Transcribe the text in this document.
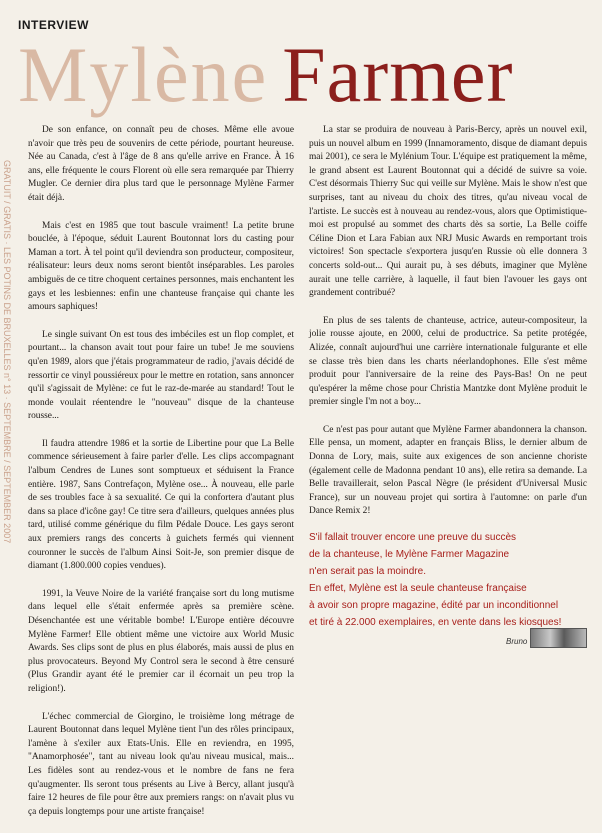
INTERVIEW
Mylène Farmer
GRATUIT / GRATIS · LES POTINS DE BRUXELLES n° 13 · SEPTEMBRE / SEPTEMBER 2007

De son enfance, on connaît peu de choses. Même elle avoue n'avoir que très peu de souvenirs de cette période, pourtant heureuse. Née au Canada, c'est à l'âge de 8 ans qu'elle arrive en France. À 16 ans, elle fréquente le cours Florent où elle sera remarquée par Thierry Mugler. Ce dernier dira plus tard que le personnage Mylène Farmer était déjà.

Mais c'est en 1985 que tout bascule vraiment! La petite brune bouclée, à l'époque, séduit Laurent Boutonnat lors du casting pour Maman a tort. À tel point qu'il deviendra son producteur, compositeur, réalisateur: leurs deux noms seront bientôt inséparables. Les paroles ambiguës de ce titre choquent certaines personnes, mais enchantent les gays et les lesbiennes: enfin une chanteuse française qui chante les amours saphiques!

Le single suivant On est tous des imbéciles est un flop complet, et pourtant... la chanson avait tout pour faire un tube! Je me souviens qu'en 1989, alors que j'étais programmateur de radio, j'avais décidé de ressortir ce vinyl poussiéreux pour le mettre en rotation, sans annoncer qu'il s'agissait de Mylène: ce fut le raz-de-marée au standard! Tout le monde voulait réentendre le "nouveau" disque de la chanteuse rousse...

Il faudra attendre 1986 et la sortie de Libertine pour que La Belle commence sérieusement à faire parler d'elle. Les clips accompagnant l'album Cendres de Lunes sont somptueux et séduisent la France entière. 1987, Sans Contrefaçon, Mylène ose... À nouveau, elle parle de ses troubles face à sa sexualité. Ce qui la confortera d'autant plus dans sa place d'icône gay! Ce titre sera d'ailleurs, quelques années plus tard, utilisé comme générique du film Pédale Douce. Les gays seront aux premiers rangs des concerts à guichets fermés qui viennent couronner le succès de l'album Ainsi Soit-Je, son premier disque de diamant (1.800.000 copies vendues).

1991, la Veuve Noire de la variété française sort du long mutisme dans lequel elle s'était enfermée après sa première scène. Désenchantée est une véritable bombe! L'Europe entière découvre Mylène Farmer! Elle obtient même une victoire aux World Music Awards. Ses clips sont de plus en plus élaborés, mais aussi de plus en plus provocateurs. Beyond My Control sera le second à être censuré (Plus Grandir ayant été le premier car il écornait un peu trop la religion!).

L'échec commercial de Giorgino, le troisième long métrage de Laurent Boutonnat dans lequel Mylène tient l'un des rôles principaux, l'amène à s'exiler aux Etats-Unis. Elle en reviendra, en 1995, "Anamorphosée", tant au niveau look qu'au niveau musical, mais... Les fidèles sont au rendez-vous et le nombre de fans ne fera qu'augmenter. Ils seront tous présents au Live à Bercy, allant jusqu'à faire 12 heures de file pour être aux premiers rangs: on n'avait plus vu ça depuis longtemps pour une artiste française!

La star se produira de nouveau à Paris-Bercy, après un nouvel exil, puis un nouvel album en 1999 (Innamoramento, disque de diamant depuis mai 2001), ce sera le Mylénium Tour. L'équipe est pratiquement la même, le grand absent est Laurent Boutonnat qui a décidé de suivre sa voie. C'est désormais Thierry Suc qui veille sur Mylène. Mais le show n'est que surprises, tant au niveau du choix des titres, qu'au niveau vocal de l'artiste. Le succès est à nouveau au rendez-vous, alors que Optimistique-moi est propulsé au sommet des charts dès sa sortie, La Belle coiffe Céline Dion et Lara Fabian aux NRJ Music Awards en remportant trois victoires! Son spectacle s'exportera jusqu'en Russie où elle donnera 3 concerts sold-out... Qui aurait pu, à ses débuts, imaginer que Mylène aurait une telle carrière, à laquelle, il faut bien l'avouer les gays ont grandement contribué?

En plus de ses talents de chanteuse, actrice, auteur-compositeur, la jolie rousse ajoute, en 2000, celui de productrice. Sa petite protégée, Alizée, connaît aujourd'hui une carrière internationale fulgurante et elle se classe très bien dans les charts néerlandophones. Elle s'est même produit pour l'anniversaire de la reine des Pays-Bas! On ne peut qu'espérer la même chose pour Christia Mantzke dont Mylène produit le premier single I'm not a boy...

Ce n'est pas pour autant que Mylène Farmer abandonnera la chanson. Elle pensa, un moment, adapter en français Bliss, le dernier album de Donna de Lory, mais, suite aux exigences de son ancienne choriste (également celle de Madonna pendant 10 ans), elle retira sa demande. La Belle travaillerait, selon Pascal Nègre (le président d'Universal Music France), sur un nouveau projet qui sortira à l'automne: on parle d'un Dance Remix 2!

S'il fallait trouver encore une preuve du succès

de la chanteuse, le Mylène Farmer Magazine

n'en serait pas la moindre.

En effet, Mylène est la seule chanteuse française

à avoir son propre magazine, édité par un inconditionnel

et tiré à 22.000 exemplaires, en vente dans les kiosques!

Bruno
